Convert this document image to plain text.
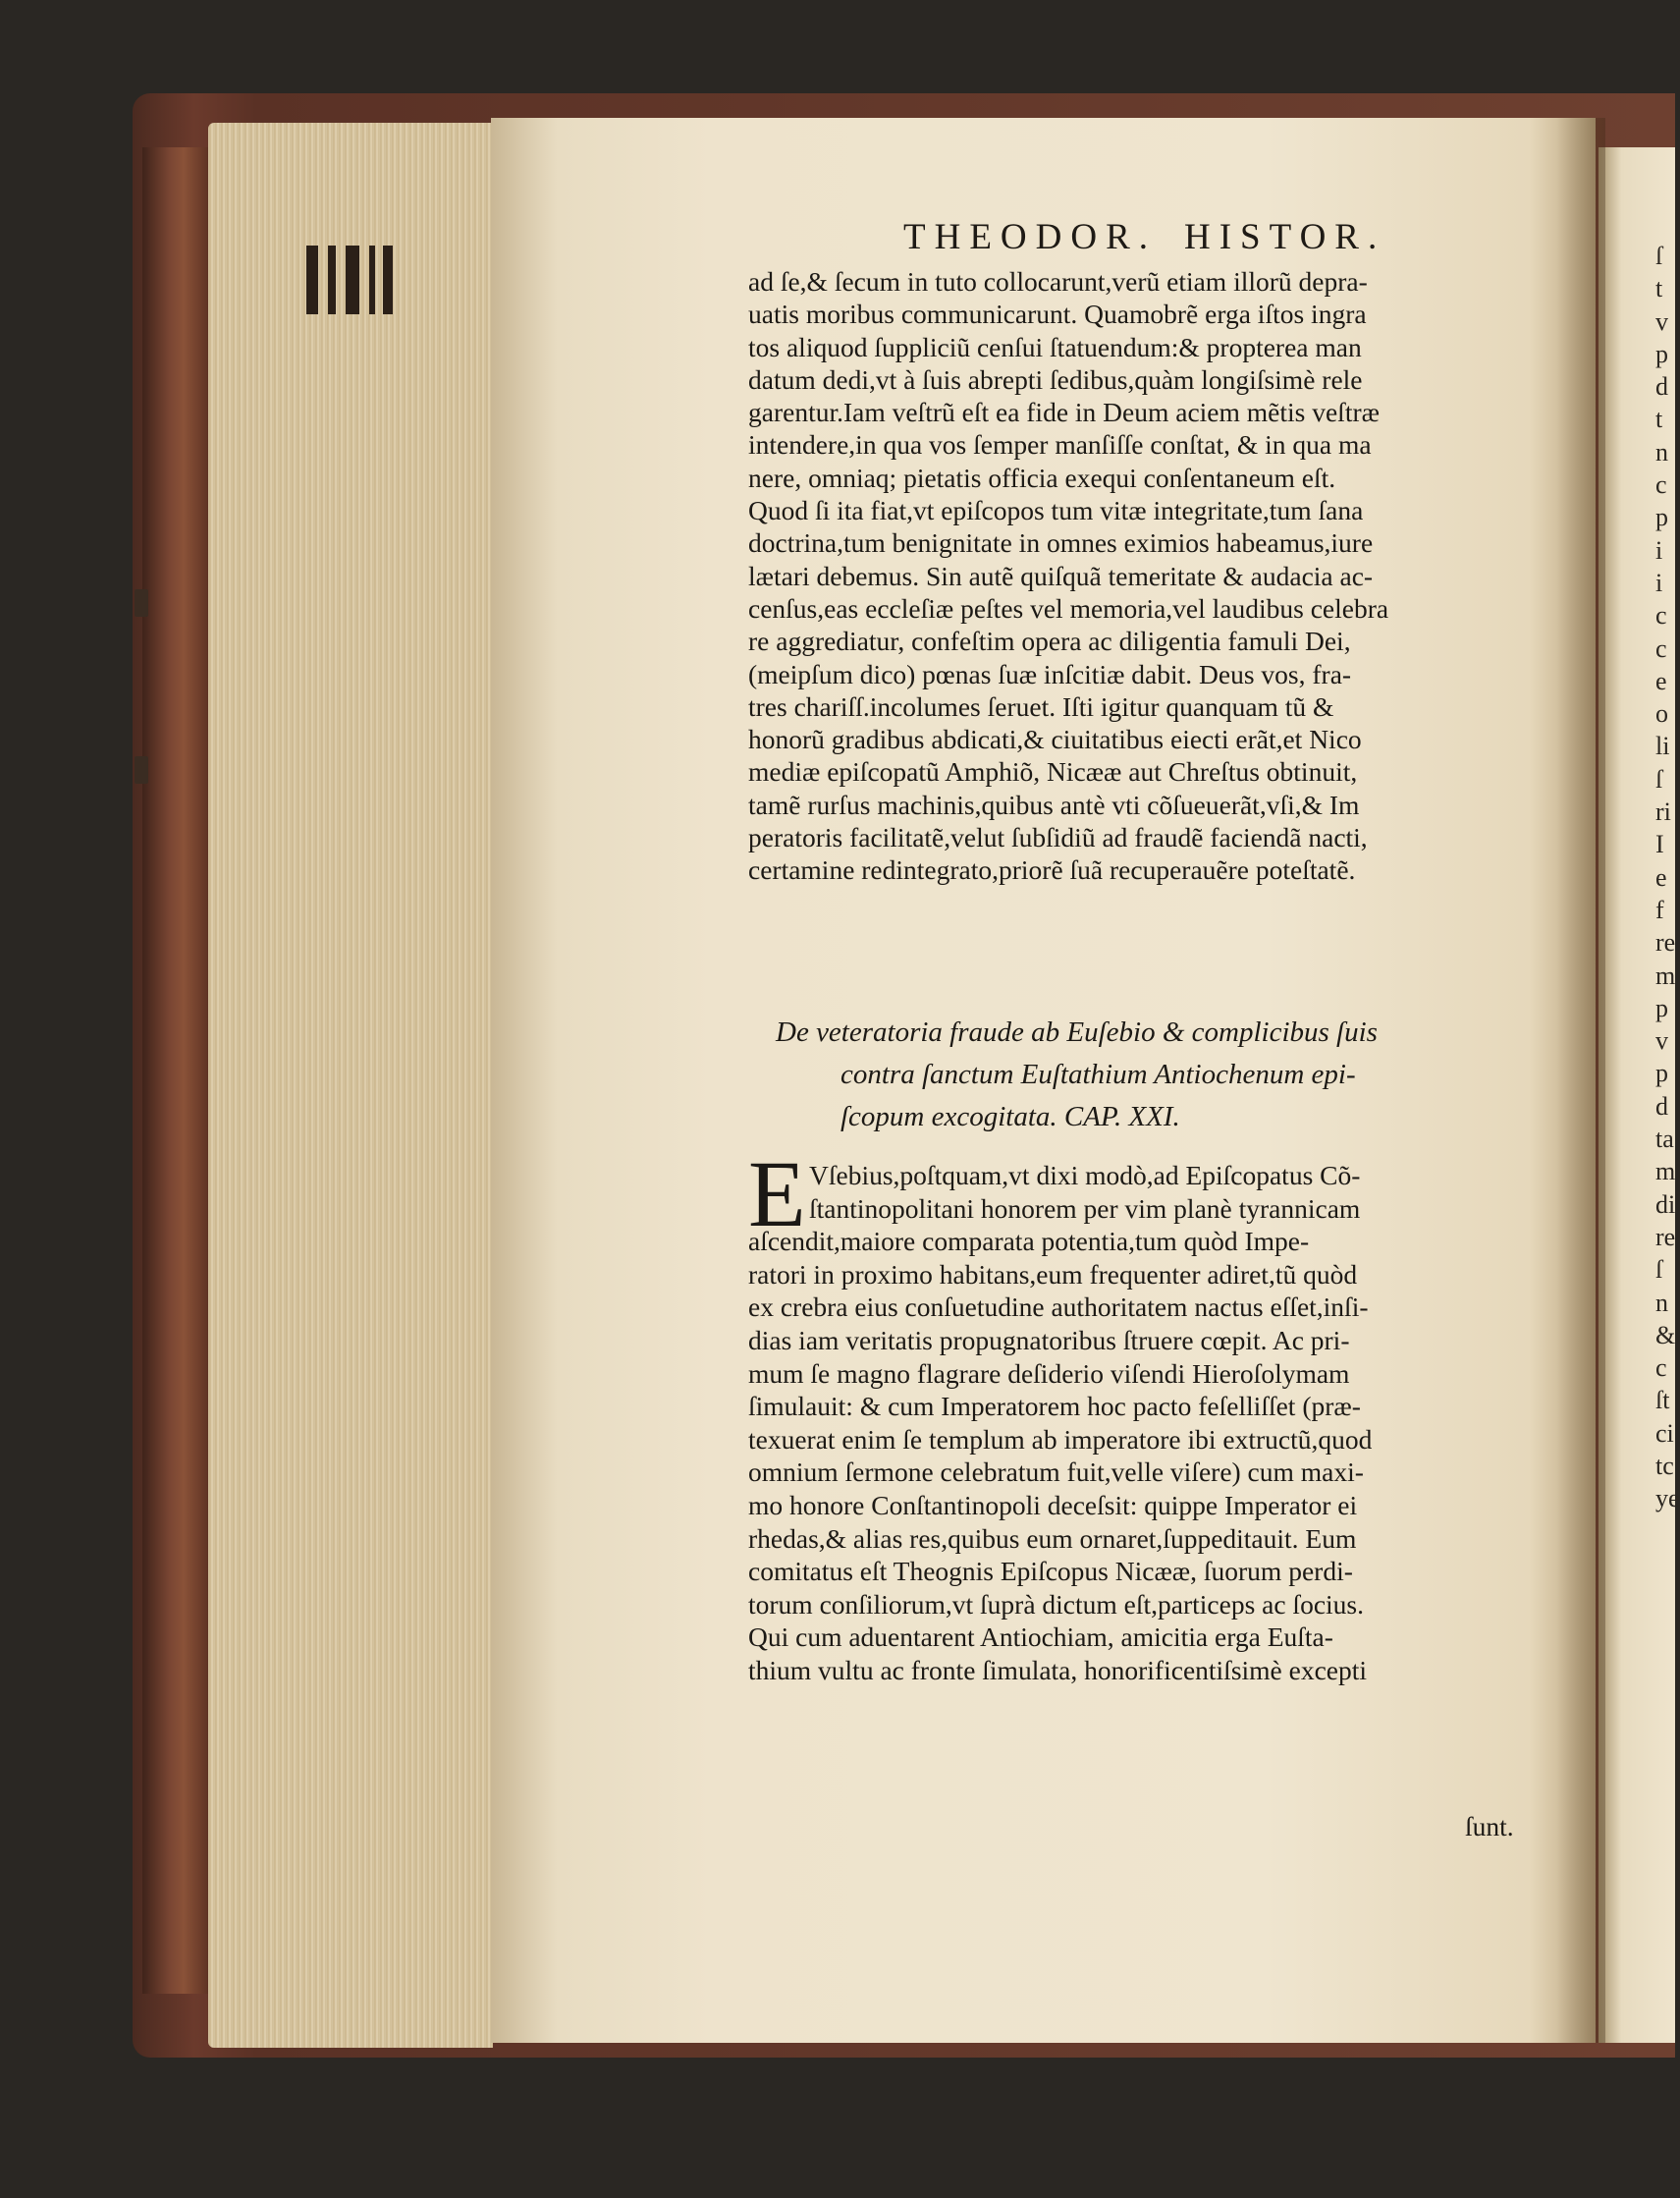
THEODOR. HISTOR.
ad ſe,& ſecum in tuto collocarunt,verũ etiam illorũ depra-
uatis moribus communicarunt. Quamobrẽ erga iſtos ingra
tos aliquod ſuppliciũ cenſui ſtatuendum:& propterea man
datum dedi,vt à ſuis abrepti ſedibus,quàm longiſsimè rele
garentur.Iam veſtrũ eſt ea fide in Deum aciem mẽtis veſtræ
intendere,in qua vos ſemper manſiſſe conſtat, & in qua ma
nere, omniaq; pietatis officia exequi conſentaneum eſt.
Quod ſi ita fiat,vt epiſcopos tum vitæ integritate,tum ſana
doctrina,tum benignitate in omnes eximios habeamus,iure
lætari debemus. Sin autẽ quiſquã temeritate & audacia ac-
cenſus,eas eccleſiæ peſtes vel memoria,vel laudibus celebra
re aggrediatur, confeſtim opera ac diligentia famuli Dei,
(meipſum dico) pœnas ſuæ inſcitiæ dabit. Deus vos, fra-
tres chariſſ.incolumes ſeruet. Iſti igitur quanquam tũ &
honorũ gradibus abdicati,& ciuitatibus eiecti erãt,et Nico
mediæ epiſcopatũ Amphiõ, Nicææ aut Chreſtus obtinuit,
tamẽ rurſus machinis,quibus antè vti cõſueuerãt,vſi,& Im
peratoris facilitatẽ,velut ſubſidiũ ad fraudẽ faciendã nacti,
certamine redintegrato,priorẽ ſuã recuperauẽre poteſtatẽ.
De veteratoria fraude ab Euſebio & complicibus ſuis
contra ſanctum Euſtathium Antiochenum epi-
ſcopum excogitata. CAP. XXI.
E Vſebius,poſtquam,vt dixi modò,ad Epiſcopatus Cõ-
ſtantinopolitani honorem per vim planè tyrannicam
aſcendit,maiore comparata potentia,tum quòd Impe-
ratori in proximo habitans,eum frequenter adiret,tũ quòd
ex crebra eius conſuetudine authoritatem nactus eſſet,inſi-
dias iam veritatis propugnatoribus ſtruere cœpit. Ac pri-
mum ſe magno flagrare deſiderio viſendi Hieroſolymam
ſimulauit: & cum Imperatorem hoc pacto feſelliſſet (præ-
texuerat enim ſe templum ab imperatore ibi extructũ,quod
omnium ſermone celebratum fuit,velle viſere) cum maxi-
mo honore Conſtantinopoli deceſsit: quippe Imperator ei
rhedas,& alias res,quibus eum ornaret,ſuppeditauit. Eum
comitatus eſt Theognis Epiſcopus Nicææ, ſuorum perdi-
torum conſiliorum,vt ſuprà dictum eſt,particeps ac ſocius.
Qui cum aduentarent Antiochiam, amicitia erga Euſta-
thium vultu ac fronte ſimulata, honorificentiſsimè excepti
ſunt.
ſ
t
v
p
d
t
n
c
p
i
i
c
c
e
o
li
ſ
ri
I
e
f
re
m
p
v
p
d
ta
m
di
re
ſ
n
&
c
ſt
ci
tc
ye
